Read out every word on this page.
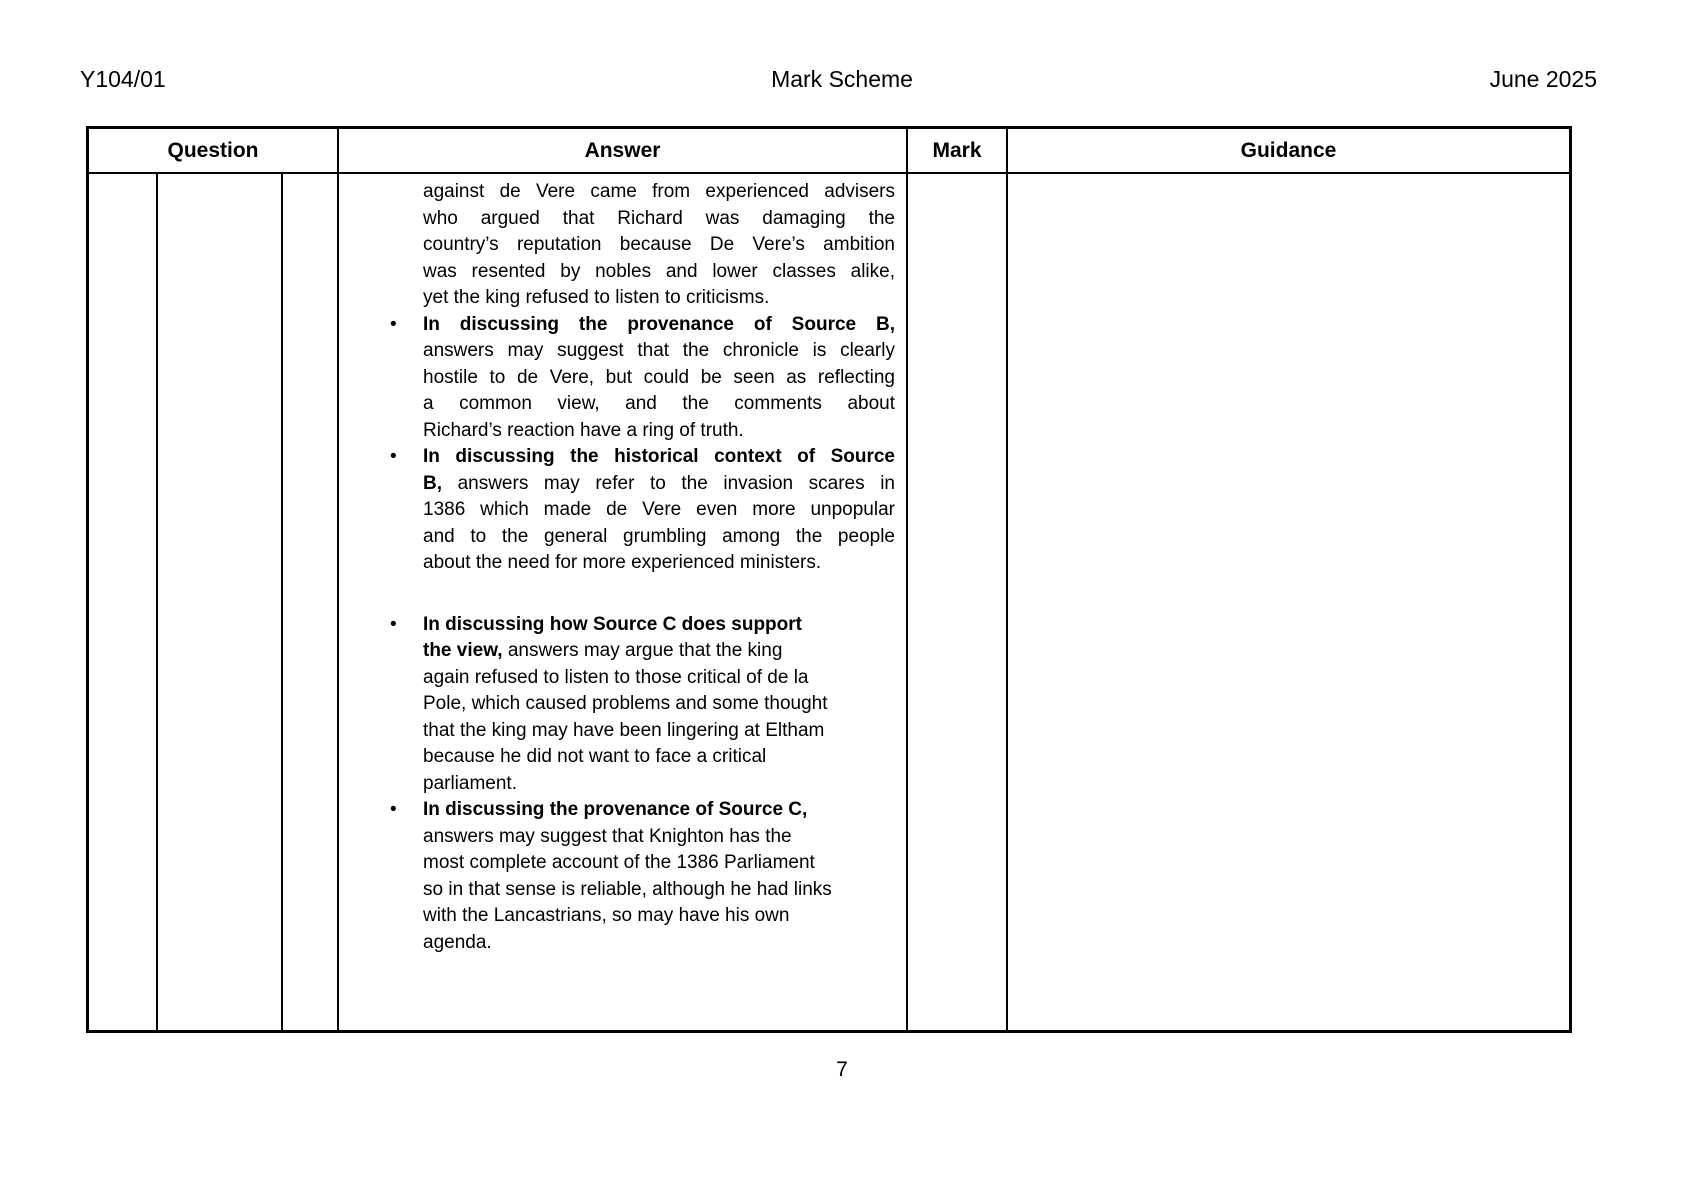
Y104/01	Mark Scheme	June 2025
Question	Answer	Mark	Guidance
against de Vere came from experienced advisers
who argued that Richard was damaging the
country’s reputation because De Vere’s ambition
was resented by nobles and lower classes alike,
yet the king refused to listen to criticisms.
• In discussing the provenance of Source B,
answers may suggest that the chronicle is clearly
hostile to de Vere, but could be seen as reflecting
a common view, and the comments about
Richard’s reaction have a ring of truth.
• In discussing the historical context of Source
B, answers may refer to the invasion scares in
1386 which made de Vere even more unpopular
and to the general grumbling among the people
about the need for more experienced ministers.
• In discussing how Source C does support
the view, answers may argue that the king
again refused to listen to those critical of de la
Pole, which caused problems and some thought
that the king may have been lingering at Eltham
because he did not want to face a critical
parliament.
• In discussing the provenance of Source C,
answers may suggest that Knighton has the
most complete account of the 1386 Parliament
so in that sense is reliable, although he had links
with the Lancastrians, so may have his own
agenda.
7
